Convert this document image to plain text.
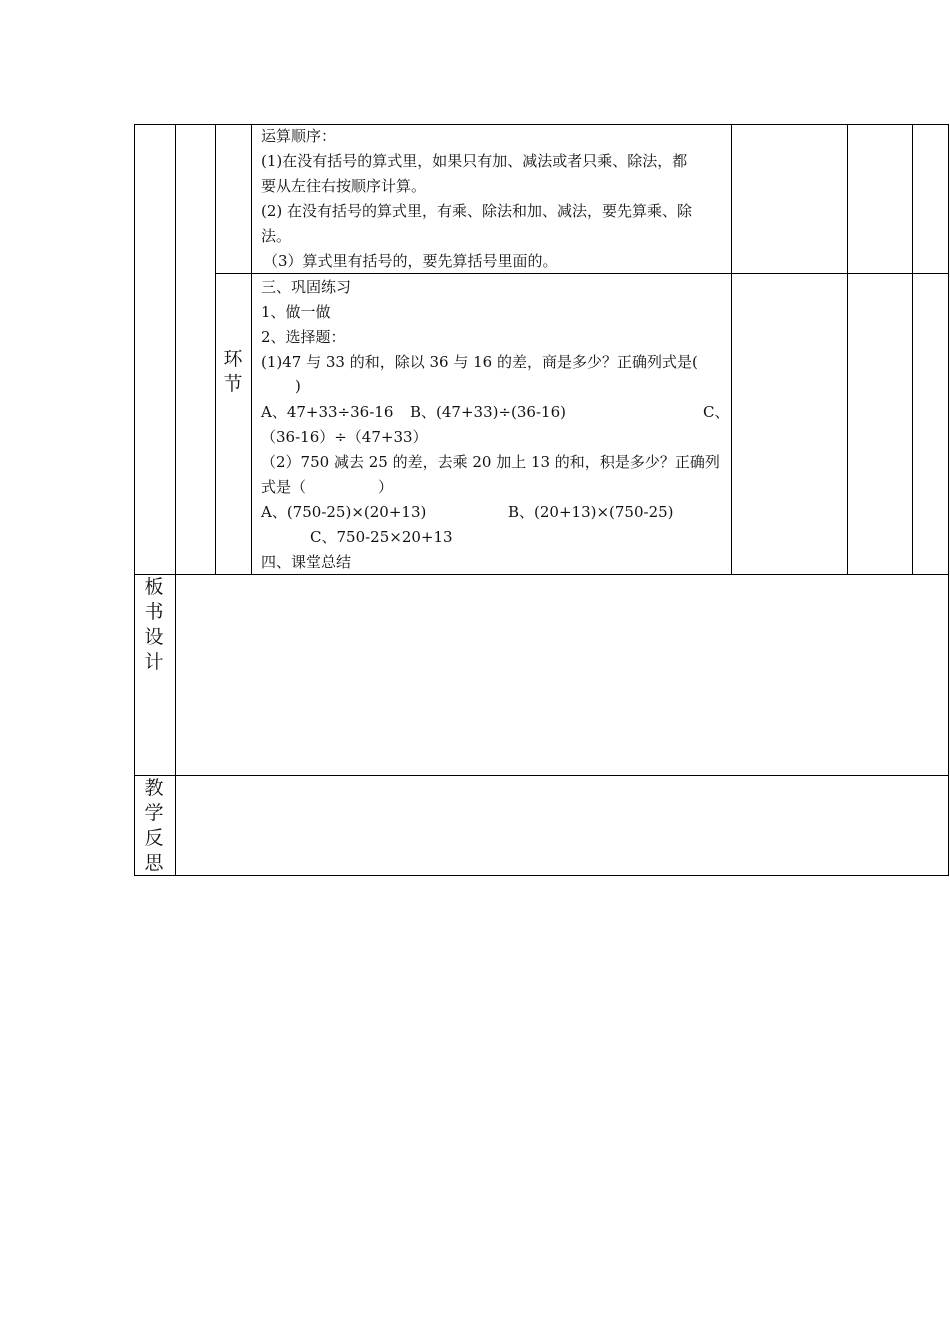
运算顺序：
(1)在没有括号的算式里，如果只有加、减法或者只乘、除法，都
要从左往右按顺序计算。
(2) 在没有括号的算式里，有乘、除法和加、减法，要先算乘、除
法。
（3）算式里有括号的，要先算括号里面的。
环节
三、巩固练习
1、做一做
2、选择题：
(1)47 与 33 的和，除以 36 与 16 的差，商是多少？正确列式是(
)
A、47+33÷36-16 B、(47+33)÷(36-16)	C、
（36-16）÷（47+33）
（2）750 减去 25 的差，去乘 20 加上 13 的和，积是多少？正确列
式是（	）
A、(750-25)×(20+13)	B、(20+13)×(750-25)
C、750-25×20+13
四、课堂总结
板书设计
教学反思
